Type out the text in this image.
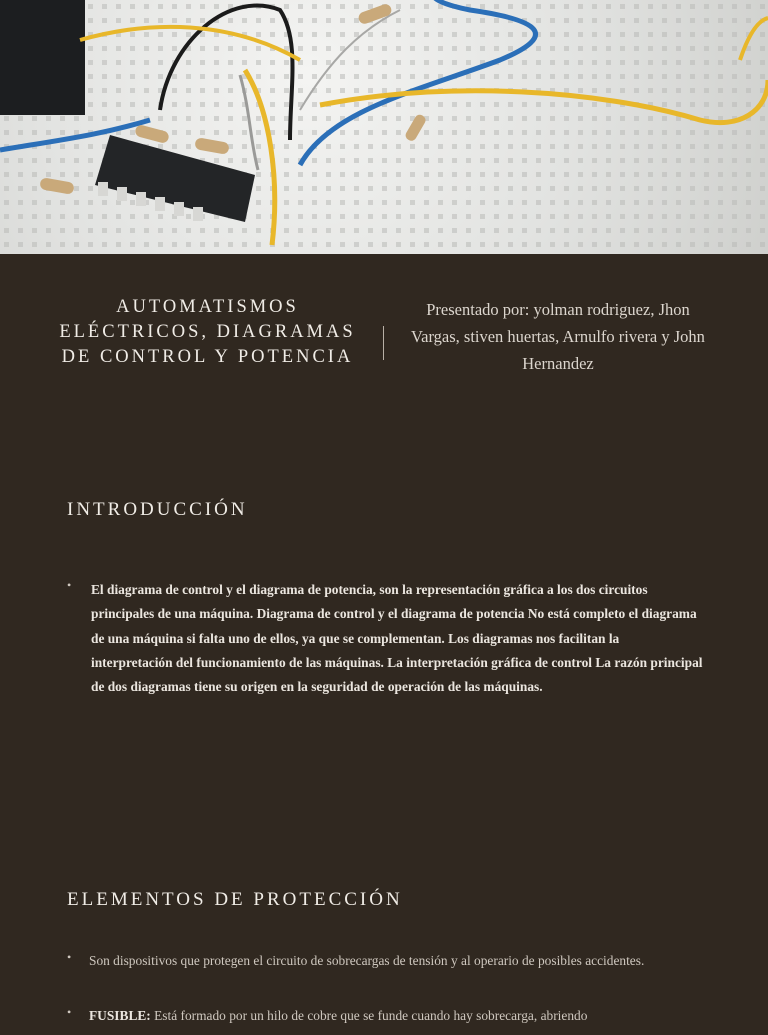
AUTOMATISMOS ELÉCTRICOS, DIAGRAMAS DE CONTROL Y POTENCIA
Presentado por: yolman rodriguez, Jhon Vargas, stiven huertas, Arnulfo rivera y John Hernandez
INTRODUCCIÓN
• El diagrama de control y el diagrama de potencia, son la representación gráfica a los dos circuitos principales de una máquina. Diagrama de control y el diagrama de potencia No está completo el diagrama de una máquina si falta uno de ellos, ya que se complementan. Los diagramas nos facilitan la interpretación del funcionamiento de las máquinas. La interpretación gráfica de control La razón principal de dos diagramas tiene su origen en la seguridad de operación de las máquinas.
ELEMENTOS DE PROTECCIÓN
• Son dispositivos que protegen el circuito de sobrecargas de tensión y al operario de posibles accidentes.
• FUSIBLE: Está formado por un hilo de cobre que se funde cuando hay sobrecarga, abriendo
